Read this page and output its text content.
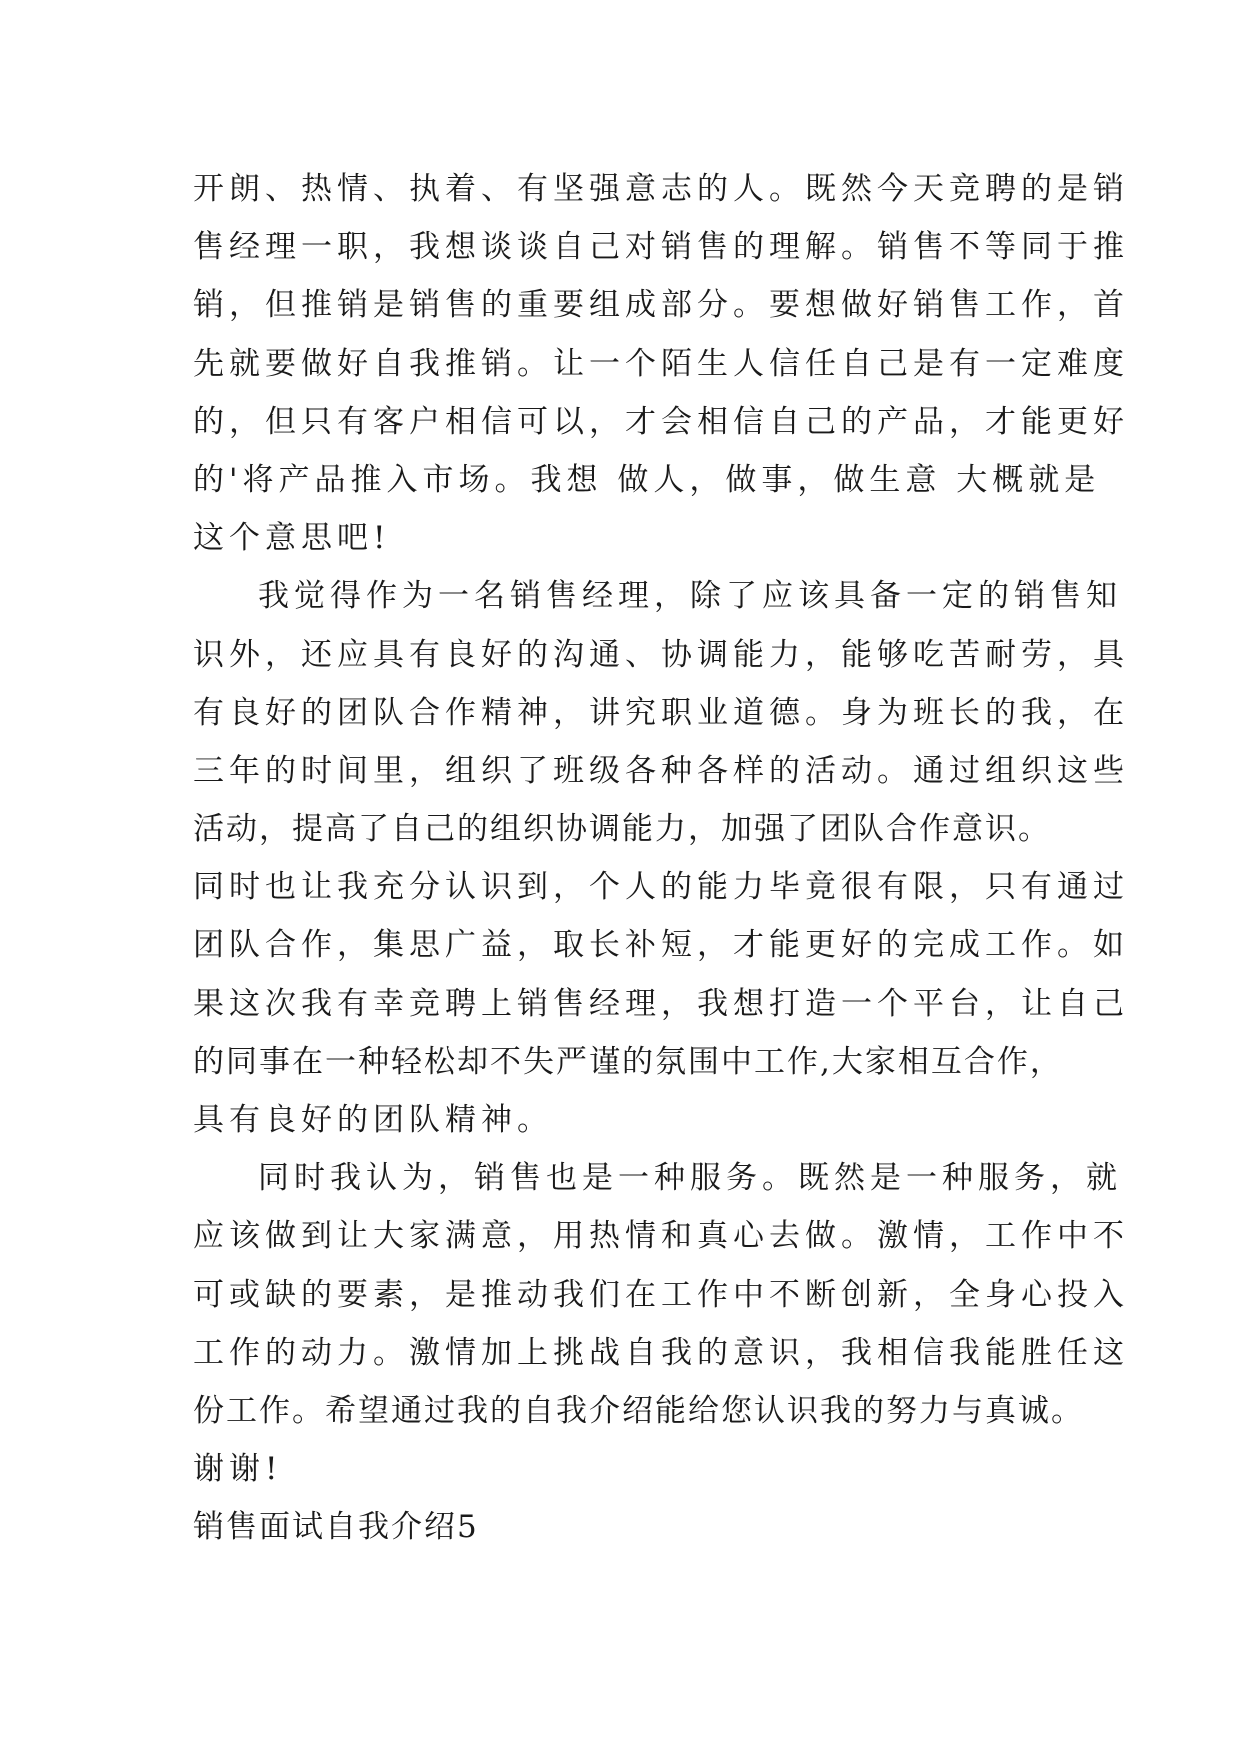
开朗、热情、执着、有坚强意志的人。既然今天竞聘的是销
售经理一职，我想谈谈自己对销售的理解。销售不等同于推
销，但推销是销售的重要组成部分。要想做好销售工作，首
先就要做好自我推销。让一个陌生人信任自己是有一定难度
的，但只有客户相信可以，才会相信自己的产品，才能更好
的'将产品推入市场。我想 做人，做事，做生意 大概就是
这个意思吧!
我觉得作为一名销售经理，除了应该具备一定的销售知
识外，还应具有良好的沟通、协调能力，能够吃苦耐劳，具
有良好的团队合作精神，讲究职业道德。身为班长的我，在
三年的时间里，组织了班级各种各样的活动。通过组织这些
活动，提高了自己的组织协调能力，加强了团队合作意识。
同时也让我充分认识到，个人的能力毕竟很有限，只有通过
团队合作，集思广益，取长补短，才能更好的完成工作。如
果这次我有幸竞聘上销售经理，我想打造一个平台，让自己
的同事在一种轻松却不失严谨的氛围中工作,大家相互合作，
具有良好的团队精神。
同时我认为，销售也是一种服务。既然是一种服务，就
应该做到让大家满意，用热情和真心去做。激情，工作中不
可或缺的要素，是推动我们在工作中不断创新，全身心投入
工作的动力。激情加上挑战自我的意识，我相信我能胜任这
份工作。希望通过我的自我介绍能给您认识我的努力与真诚。
谢谢!
销售面试自我介绍5
